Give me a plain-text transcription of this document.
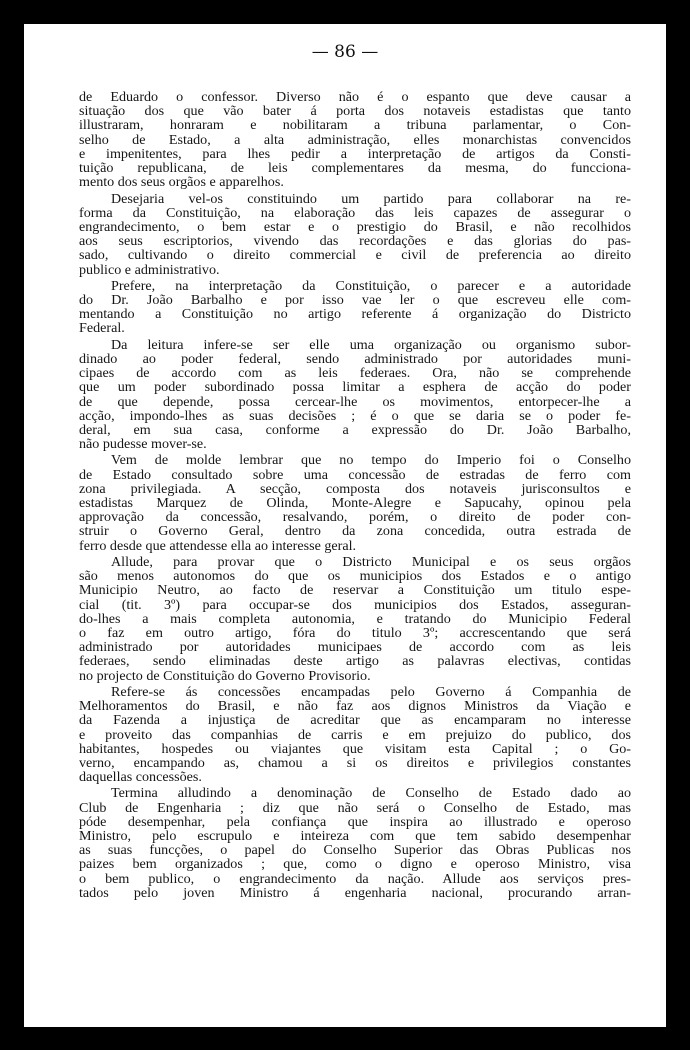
— 86 —
de Eduardo o confessor. Diverso não é o espanto que deve causar a
situação dos que vão bater á porta dos notaveis estadistas que tanto
illustraram, honraram e nobilitaram a tribuna parlamentar, o Con-
selho de Estado, a alta administração, elles monarchistas convencidos
e impenitentes, para lhes pedir a interpretação de artigos da Consti-
tuição republicana, de leis complementares da mesma, do funcciona-
mento dos seus orgãos e apparelhos.
Desejaria vel-os constituindo um partido para collaborar na re-
forma da Constituição, na elaboração das leis capazes de assegurar o
engrandecimento, o bem estar e o prestigio do Brasil, e não recolhidos
aos seus escriptorios, vivendo das recordações e das glorias do pas-
sado, cultivando o direito commercial e civil de preferencia ao direito
publico e administrativo.
Prefere, na interpretação da Constituição, o parecer e a autoridade
do Dr. João Barbalho e por isso vae ler o que escreveu elle com-
mentando a Constituição no artigo referente á organização do Districto
Federal.
Da leitura infere-se ser elle uma organização ou organismo subor-
dinado ao poder federal, sendo administrado por autoridades muni-
cipaes de accordo com as leis federaes. Ora, não se comprehende
que um poder subordinado possa limitar a esphera de acção do poder
de que depende, possa cercear-lhe os movimentos, entorpecer-lhe a
acção, impondo-lhes as suas decisões ; é o que se daria se o poder fe-
deral, em sua casa, conforme a expressão do Dr. João Barbalho,
não pudesse mover-se.
Vem de molde lembrar que no tempo do Imperio foi o Conselho
de Estado consultado sobre uma concessão de estradas de ferro com
zona privilegiada. A secção, composta dos notaveis jurisconsultos e
estadistas Marquez de Olinda, Monte-Alegre e Sapucahy, opinou pela
approvação da concessão, resalvando, porém, o direito de poder con-
struir o Governo Geral, dentro da zona concedida, outra estrada de
ferro desde que attendesse ella ao interesse geral.
Allude, para provar que o Districto Municipal e os seus orgãos
são menos autonomos do que os municipios dos Estados e o antigo
Municipio Neutro, ao facto de reservar a Constituição um titulo espe-
cial (tit. 3º) para occupar-se dos municipios dos Estados, asseguran-
do-lhes a mais completa autonomia, e tratando do Municipio Federal
o faz em outro artigo, fóra do titulo 3º; accrescentando que será
administrado por autoridades municipaes de accordo com as leis
federaes, sendo eliminadas deste artigo as palavras electivas, contidas
no projecto de Constituição do Governo Provisorio.
Refere-se ás concessões encampadas pelo Governo á Companhia de
Melhoramentos do Brasil, e não faz aos dignos Ministros da Viação e
da Fazenda a injustiça de acreditar que as encamparam no interesse
e proveito das companhias de carris e em prejuizo do publico, dos
habitantes, hospedes ou viajantes que visitam esta Capital ; o Go-
verno, encampando as, chamou a si os direitos e privilegios constantes
daquellas concessões.
Termina alludindo a denominação de Conselho de Estado dado ao
Club de Engenharia ; diz que não será o Conselho de Estado, mas
póde desempenhar, pela confiança que inspira ao illustrado e operoso
Ministro, pelo escrupulo e inteireza com que tem sabido desempenhar
as suas funcções, o papel do Conselho Superior das Obras Publicas nos
paizes bem organizados ; que, como o digno e operoso Ministro, visa
o bem publico, o engrandecimento da nação. Allude aos serviços pres-
tados pelo joven Ministro á engenharia nacional, procurando arran-
